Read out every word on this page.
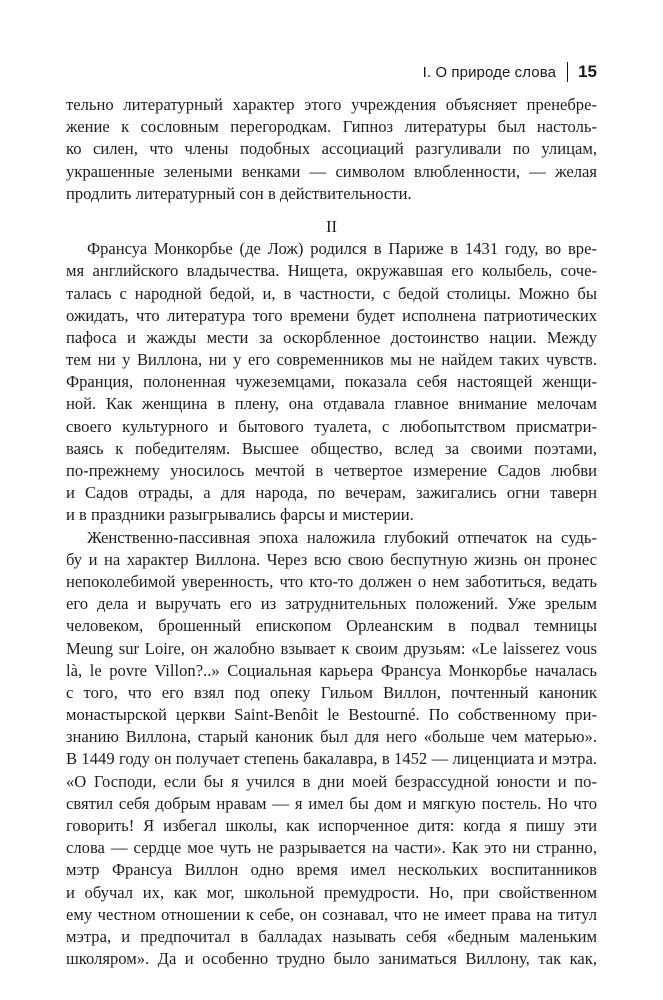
I. О природе слова 15
тельно литературный характер этого учреждения объясняет пренебре-
жение к сословным перегородкам. Гипноз литературы был настоль-
ко силен, что члены подобных ассоциаций разгуливали по улицам,
украшенные зелеными венками — символом влюбленности, — желая
продлить литературный сон в действительности.
II
Франсуа Монкорбье (де Лож) родился в Париже в 1431 году, во вре-
мя английского владычества. Нищета, окружавшая его колыбель, соче-
талась с народной бедой, и, в частности, с бедой столицы. Можно бы
ожидать, что литература того времени будет исполнена патриотических
пафоса и жажды мести за оскорбленное достоинство нации. Между
тем ни у Виллона, ни у его современников мы не найдем таких чувств.
Франция, полоненная чужеземцами, показала себя настоящей женщи-
ной. Как женщина в плену, она отдавала главное внимание мелочам
своего культурного и бытового туалета, с любопытством присматри-
ваясь к победителям. Высшее общество, вслед за своими поэтами,
по-прежнему уносилось мечтой в четвертое измерение Садов любви
и Садов отрады, а для народа, по вечерам, зажигались огни таверн
и в праздники разыгрывались фарсы и мистерии.
Женственно-пассивная эпоха наложила глубокий отпечаток на судь-
бу и на характер Виллона. Через всю свою беспутную жизнь он пронес
непоколебимой уверенность, что кто-то должен о нем заботиться, ведать
его дела и выручать его из затруднительных положений. Уже зрелым
человеком, брошенный епископом Орлеанским в подвал темницы
Meung sur Loire, он жалобно взывает к своим друзьям: «Le laisserez vous
là, le povre Villon?..» Социальная карьера Франсуа Монкорбье началась
с того, что его взял под опеку Гильом Виллон, почтенный каноник
монастырской церкви Saint-Benôit le Bestourné. По собственному при-
знанию Виллона, старый каноник был для него «больше чем матерью».
В 1449 году он получает степень бакалавра, в 1452 — лиценциата и мэтра.
«О Господи, если бы я учился в дни моей безрассудной юности и по-
святил себя добрым нравам — я имел бы дом и мягкую постель. Но что
говорить! Я избегал школы, как испорченное дитя: когда я пишу эти
слова — сердце мое чуть не разрывается на части». Как это ни странно,
мэтр Франсуа Виллон одно время имел нескольких воспитанников
и обучал их, как мог, школьной премудрости. Но, при свойственном
ему честном отношении к себе, он сознавал, что не имеет права на титул
мэтра, и предпочитал в балладах называть себя «бедным маленьким
школяром». Да и особенно трудно было заниматься Виллону, так как,
